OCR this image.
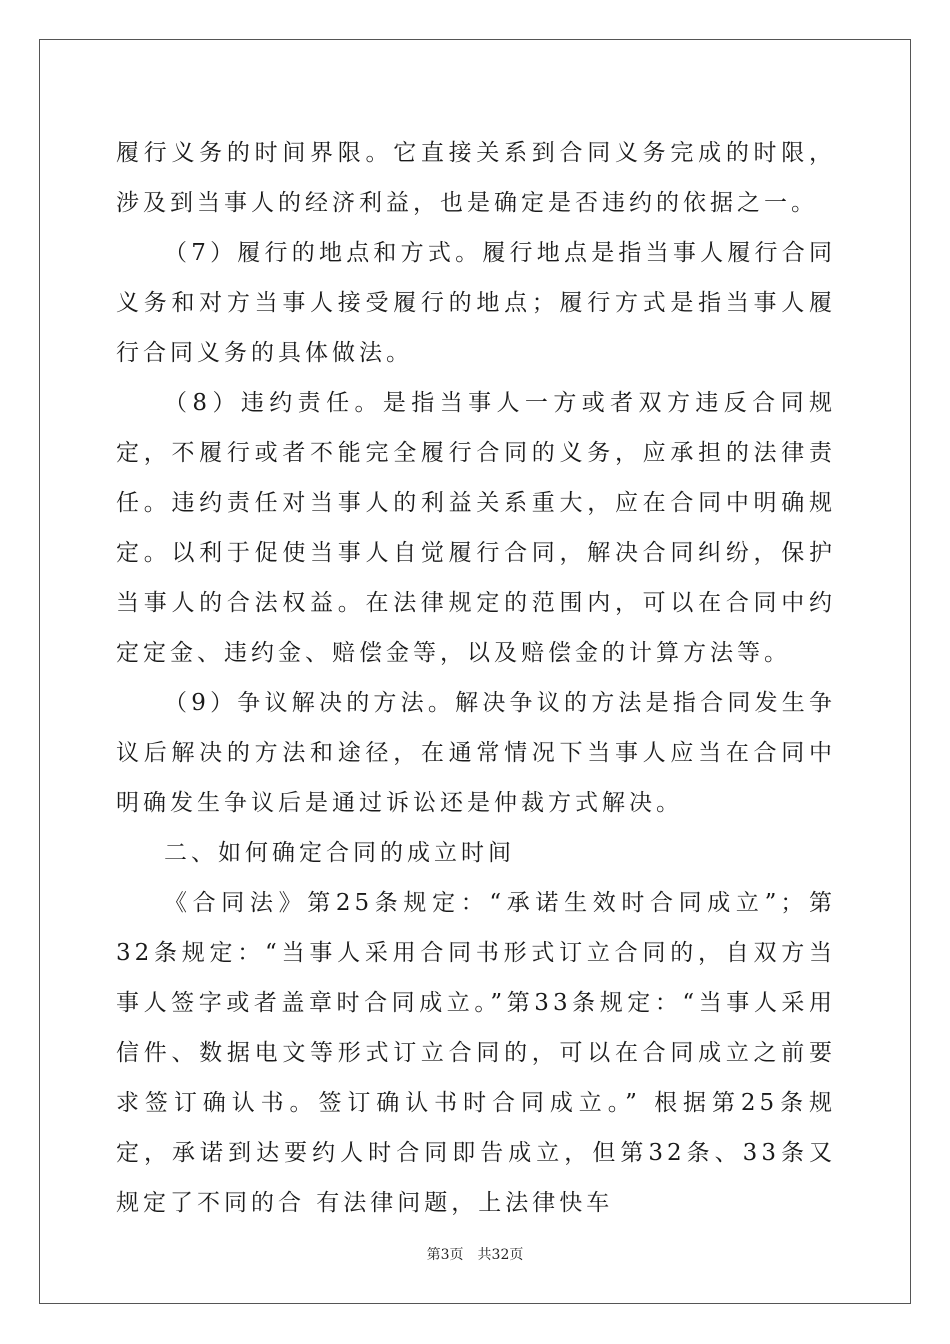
履行义务的时间界限。它直接关系到合同义务完成的时限，涉及到当事人的经济利益，也是确定是否违约的依据之一。

（7）履行的地点和方式。履行地点是指当事人履行合同义务和对方当事人接受履行的地点；履行方式是指当事人履行合同义务的具体做法。

（8）违约责任。是指当事人一方或者双方违反合同规定，不履行或者不能完全履行合同的义务，应承担的法律责任。违约责任对当事人的利益关系重大，应在合同中明确规定。以利于促使当事人自觉履行合同，解决合同纠纷，保护当事人的合法权益。在法律规定的范围内，可以在合同中约定定金、违约金、赔偿金等，以及赔偿金的计算方法等。

（9）争议解决的方法。解决争议的方法是指合同发生争议后解决的方法和途径，在通常情况下当事人应当在合同中明确发生争议后是通过诉讼还是仲裁方式解决。

二、如何确定合同的成立时间

《合同法》第25条规定：“承诺生效时合同成立”；第32条规定：“当事人采用合同书形式订立合同的，自双方当事人签字或者盖章时合同成立。”第33条规定：“当事人采用信件、数据电文等形式订立合同的，可以在合同成立之前要求签订确认书。签订确认书时合同成立。” 根据第25条规定，承诺到达要约人时合同即告成立，但第32条、33条又规定了不同的合 有法律问题，上法律快车

第3页 共32页
